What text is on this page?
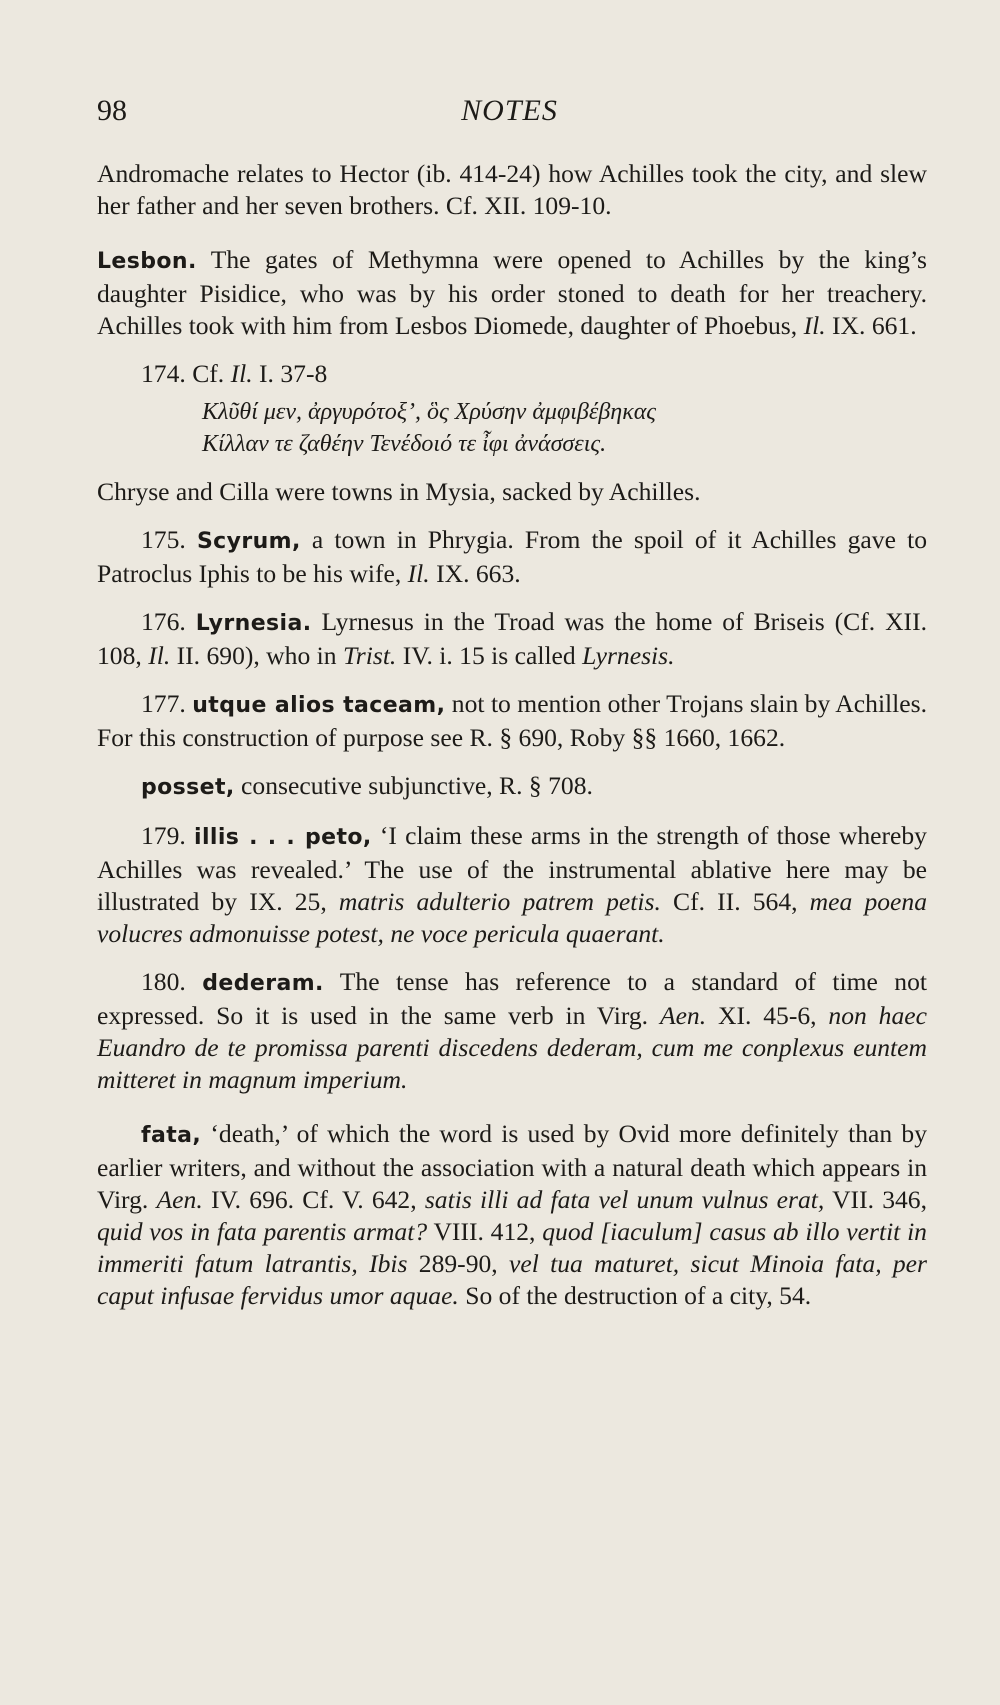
98	NOTES

Andromache relates to Hector (ib. 414-24) how Achilles took the city, and slew her father and her seven brothers. Cf. XII. 109-10.

Lesbon. The gates of Methymna were opened to Achilles by the king’s daughter Pisidice, who was by his order stoned to death for her treachery. Achilles took with him from Lesbos Diomede, daughter of Phoebus, Il. IX. 661.

174. Cf. Il. I. 37-8

Κλῦθί μεν, ἀργυρότοξ’, ὃς Χρύσην ἀμφιβέβηκας
Κίλλαν τε ζαθέην Τενέδοιό τε ἶφι ἀνάσσεις.

Chryse and Cilla were towns in Mysia, sacked by Achilles.

175. Scyrum, a town in Phrygia. From the spoil of it Achilles gave to Patroclus Iphis to be his wife, Il. IX. 663.

176. Lyrnesia. Lyrnesus in the Troad was the home of Briseis (Cf. XII. 108, Il. II. 690), who in Trist. IV. i. 15 is called Lyrnesis.

177. utque alios taceam, not to mention other Trojans slain by Achilles. For this construction of purpose see R. § 690, Roby §§ 1660, 1662.

posset, consecutive subjunctive, R. § 708.

179. illis . . . peto, ‘I claim these arms in the strength of those whereby Achilles was revealed.’ The use of the instrumental ablative here may be illustrated by IX. 25, matris adulterio patrem petis. Cf. II. 564, mea poena volucres admonuisse potest, ne voce pericula quaerant.

180. dederam. The tense has reference to a standard of time not expressed. So it is used in the same verb in Virg. Aen. XI. 45-6, non haec Euandro de te promissa parenti discedens dederam, cum me conplexus euntem mitteret in magnum imperium.

fata, ‘death,’ of which the word is used by Ovid more definitely than by earlier writers, and without the association with a natural death which appears in Virg. Aen. IV. 696. Cf. V. 642, satis illi ad fata vel unum vulnus erat, VII. 346, quid vos in fata parentis armat? VIII. 412, quod [iaculum] casus ab illo vertit in immeriti fatum latrantis, Ibis 289-90, vel tua maturet, sicut Minoia fata, per caput infusae fervidus umor aquae. So of the destruction of a city, 54.
